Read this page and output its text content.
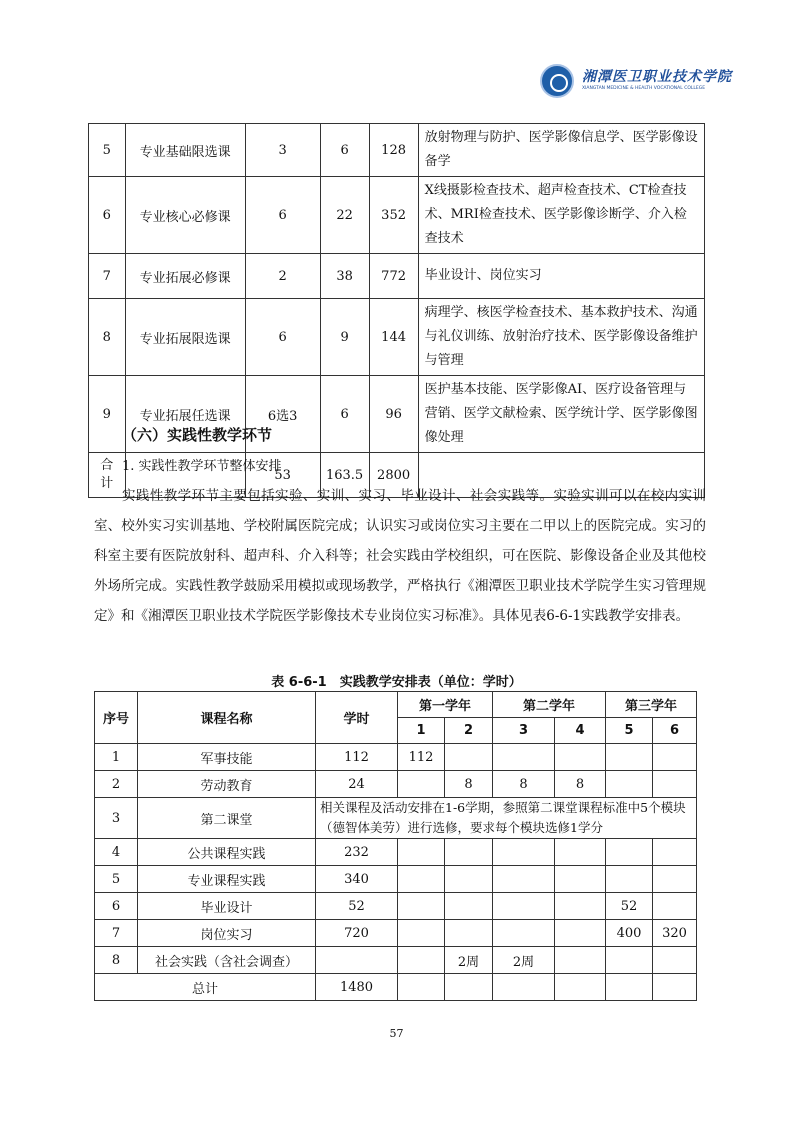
湘潭医卫职业技术学院
XIANGTAN MEDICINE & HEALTH VOCATIONAL COLLEGE
5	专业基础限选课	3	6	128	放射物理与防护、医学影像信息学、医学影像设备学
6	专业核心必修课	6	22	352	X线摄影检查技术、超声检查技术、CT检查技术、MRI检查技术、医学影像诊断学、介入检查技术
7	专业拓展必修课	2	38	772	毕业设计、岗位实习
8	专业拓展限选课	6	9	144	病理学、核医学检查技术、基本救护技术、沟通与礼仪训练、放射治疗技术、医学影像设备维护与管理
9	专业拓展任选课	6选3	6	96	医护基本技能、医学影像AI、医疗设备管理与营销、医学文献检索、医学统计学、医学影像图像处理
合计		53	163.5	2800	
（六）实践性教学环节
1. 实践性教学环节整体安排
实践性教学环节主要包括实验、实训、实习、毕业设计、社会实践等。实验实训可以在校内实训室、校外实习实训基地、学校附属医院完成；认识实习或岗位实习主要在二甲以上的医院完成。实习的科室主要有医院放射科、超声科、介入科等；社会实践由学校组织，可在医院、影像设备企业及其他校外场所完成。实践性教学鼓励采用模拟或现场教学，严格执行《湘潭医卫职业技术学院学生实习管理规定》和《湘潭医卫职业技术学院医学影像技术专业岗位实习标准》。具体见表6-6-1实践教学安排表。
表 6-6-1　实践教学安排表（单位：学时）
序号	课程名称	学时	第一学年		第二学年		第三学年	
			1	2	3	4	5	6
1	军事技能	112	112					
2	劳动教育	24		8	8	8		
3	第二课堂	相关课程及活动安排在1-6学期，参照第二课堂课程标准中5个模块（德智体美劳）进行选修，要求每个模块选修1学分						
4	公共课程实践	232						
5	专业课程实践	340						
6	毕业设计	52					52	
7	岗位实习	720					400	320
8	社会实践（含社会调查）			2周	2周			
总计		1480						
57
